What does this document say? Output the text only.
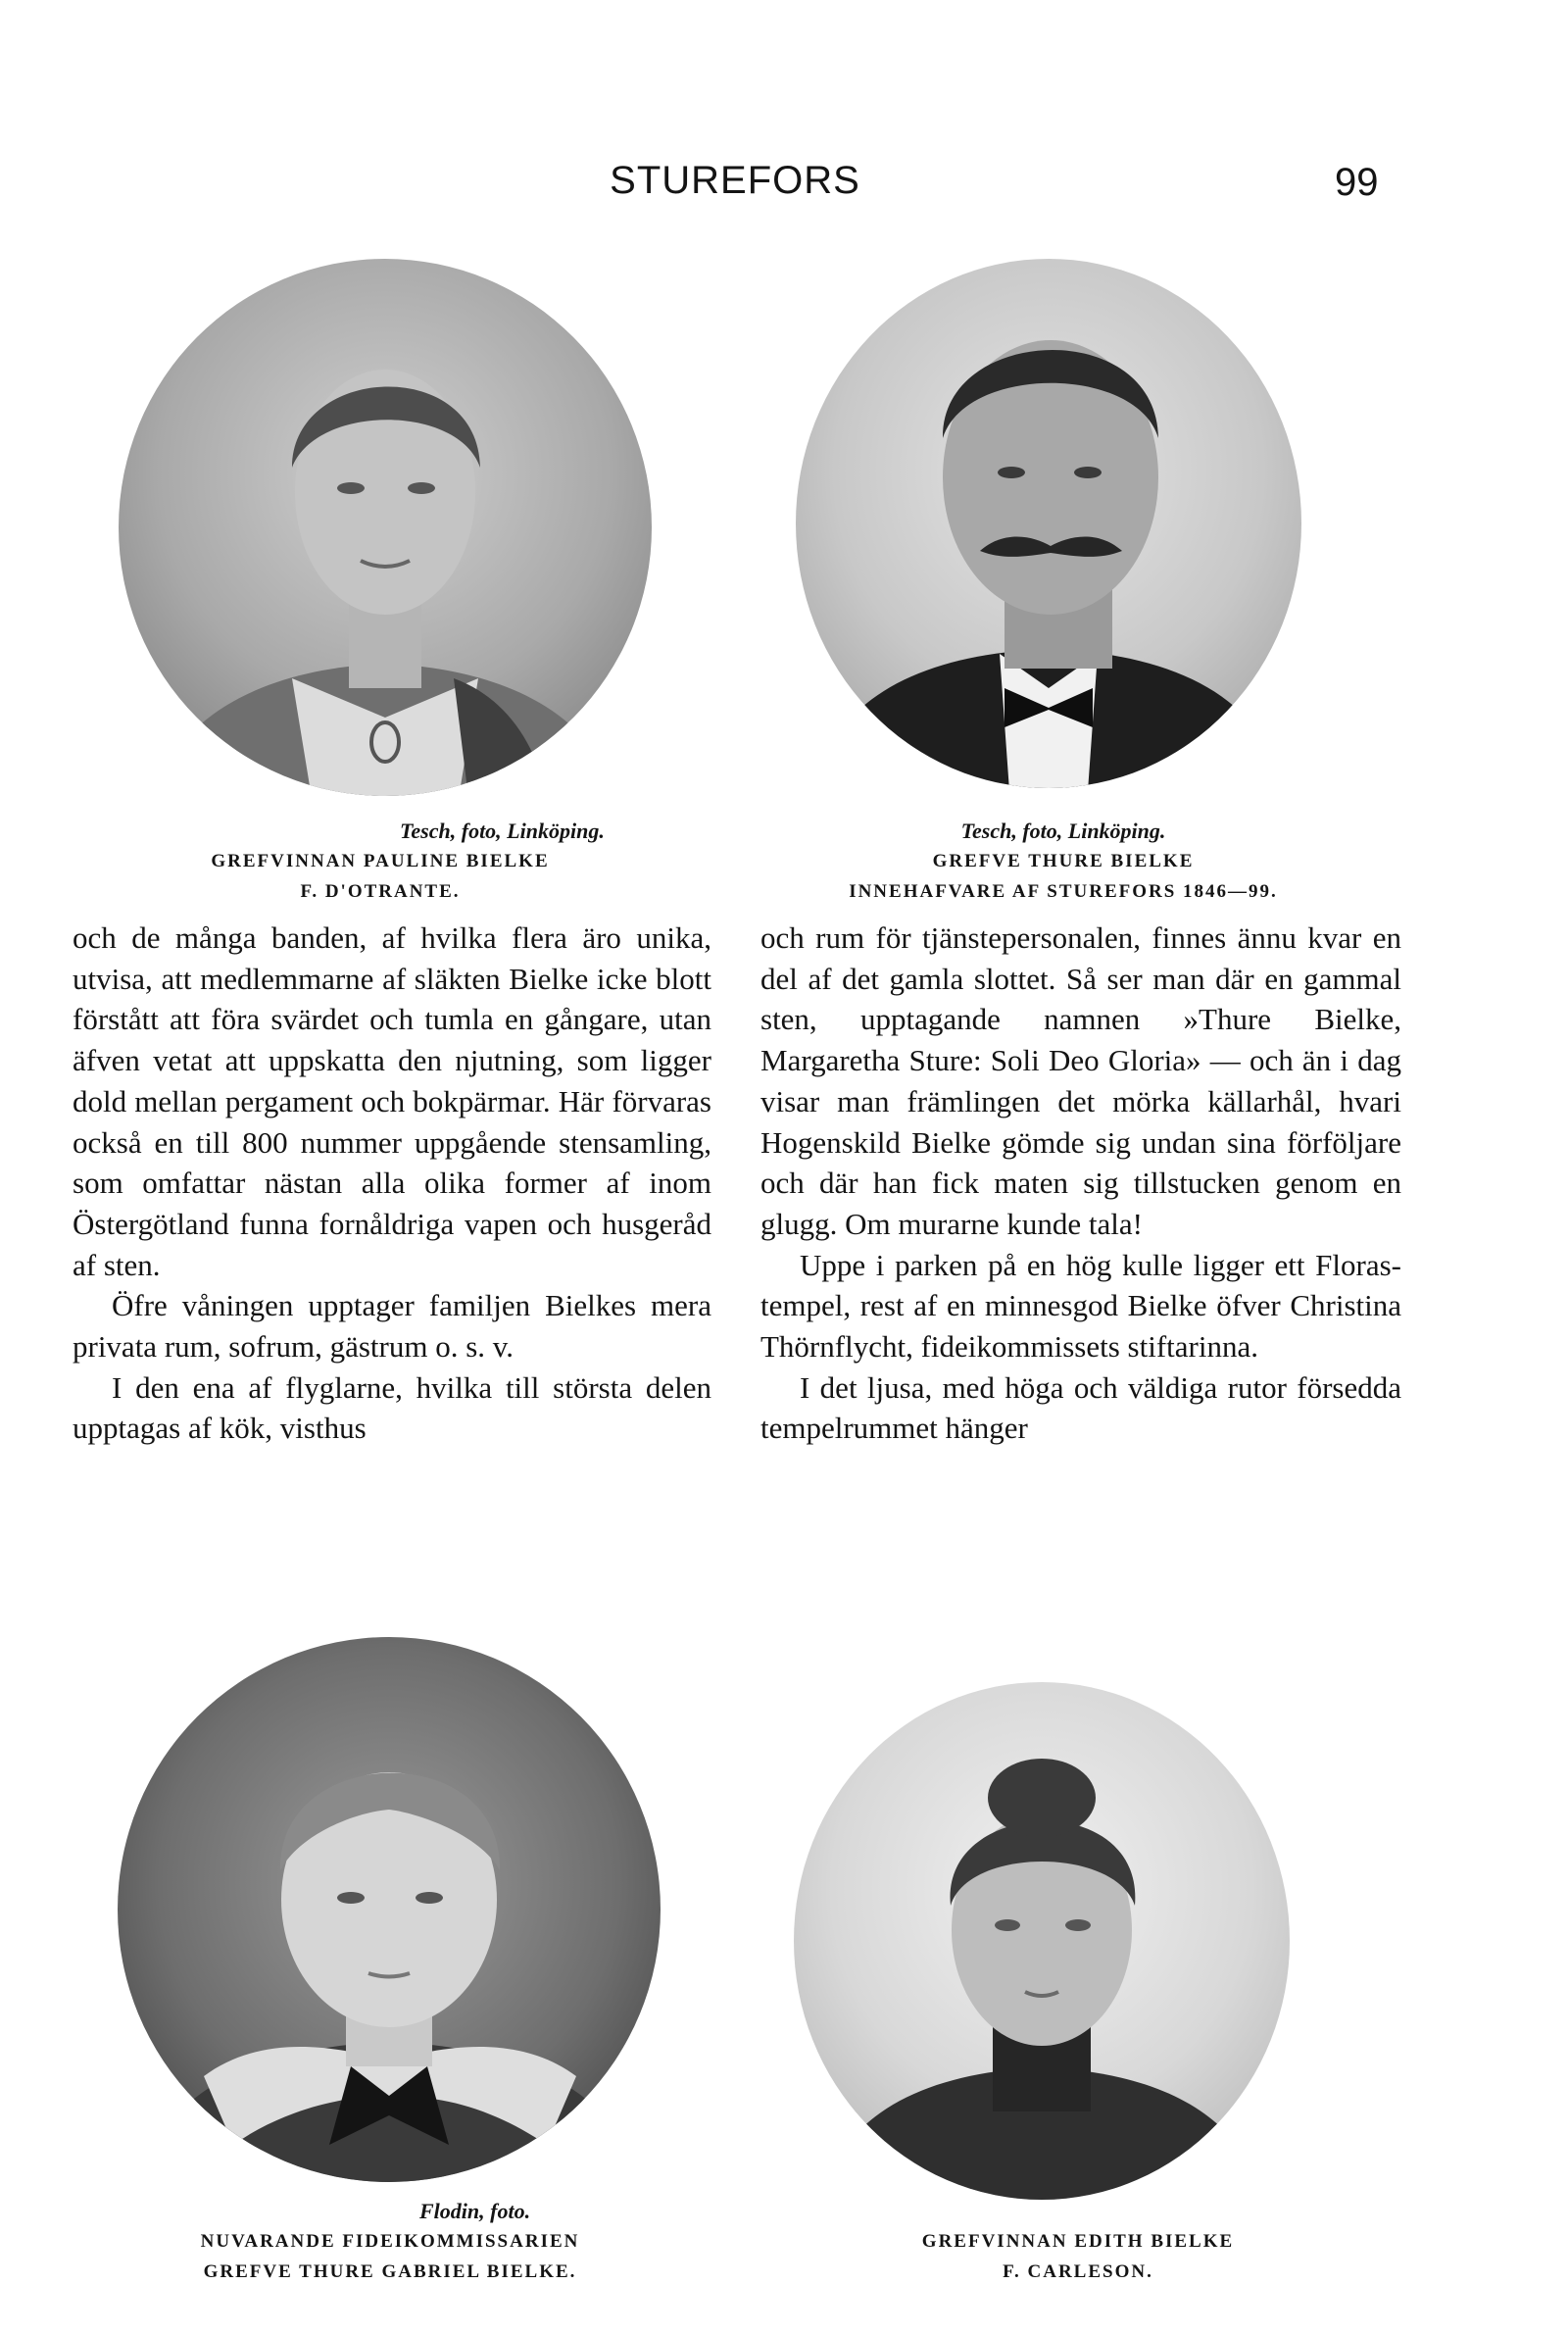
STUREFORS	99
Tesch, foto, Linköping.
GREFVINNAN PAULINE BIELKE
F. D'OTRANTE.
Tesch, foto, Linköping.
GREFVE THURE BIELKE
INNEHAFVARE AF STUREFORS 1846—99.

och de många banden, af hvilka flera äro unika, utvisa, att medlemmarne af släkten Bielke icke blott förstått att föra svärdet och tumla en gångare, utan äfven vetat att uppskatta den njutning, som ligger dold mellan pergament och bokpärmar. Här förvaras också en till 800 nummer uppgående stensamling, som omfattar nästan alla olika former af inom Östergötland funna fornåldriga vapen och husgeråd af sten.

Öfre våningen upptager familjen Bielkes mera privata rum, sofrum, gästrum o. s. v.

I den ena af flyglarne, hvilka till största delen upptagas af kök, visthus

och rum för tjänstepersonalen, finnes ännu kvar en del af det gamla slottet. Så ser man där en gammal sten, upptagande namnen »Thure Bielke, Margaretha Sture: Soli Deo Gloria» — och än i dag visar man främlingen det mörka källarhål, hvari Hogenskild Bielke gömde sig undan sina förföljare och där han fick maten sig tillstucken genom en glugg. Om murarne kunde tala!

Uppe i parken på en hög kulle ligger ett Floras-tempel, rest af en minnesgod Bielke öfver Christina Thörnflycht, fideikommissets stiftarinna.

I det ljusa, med höga och väldiga rutor försedda tempelrummet hänger

Flodin, foto.
NUVARANDE FIDEIKOMMISSARIEN
GREFVE THURE GABRIEL BIELKE.
GREFVINNAN EDITH BIELKE
F. CARLESON.
